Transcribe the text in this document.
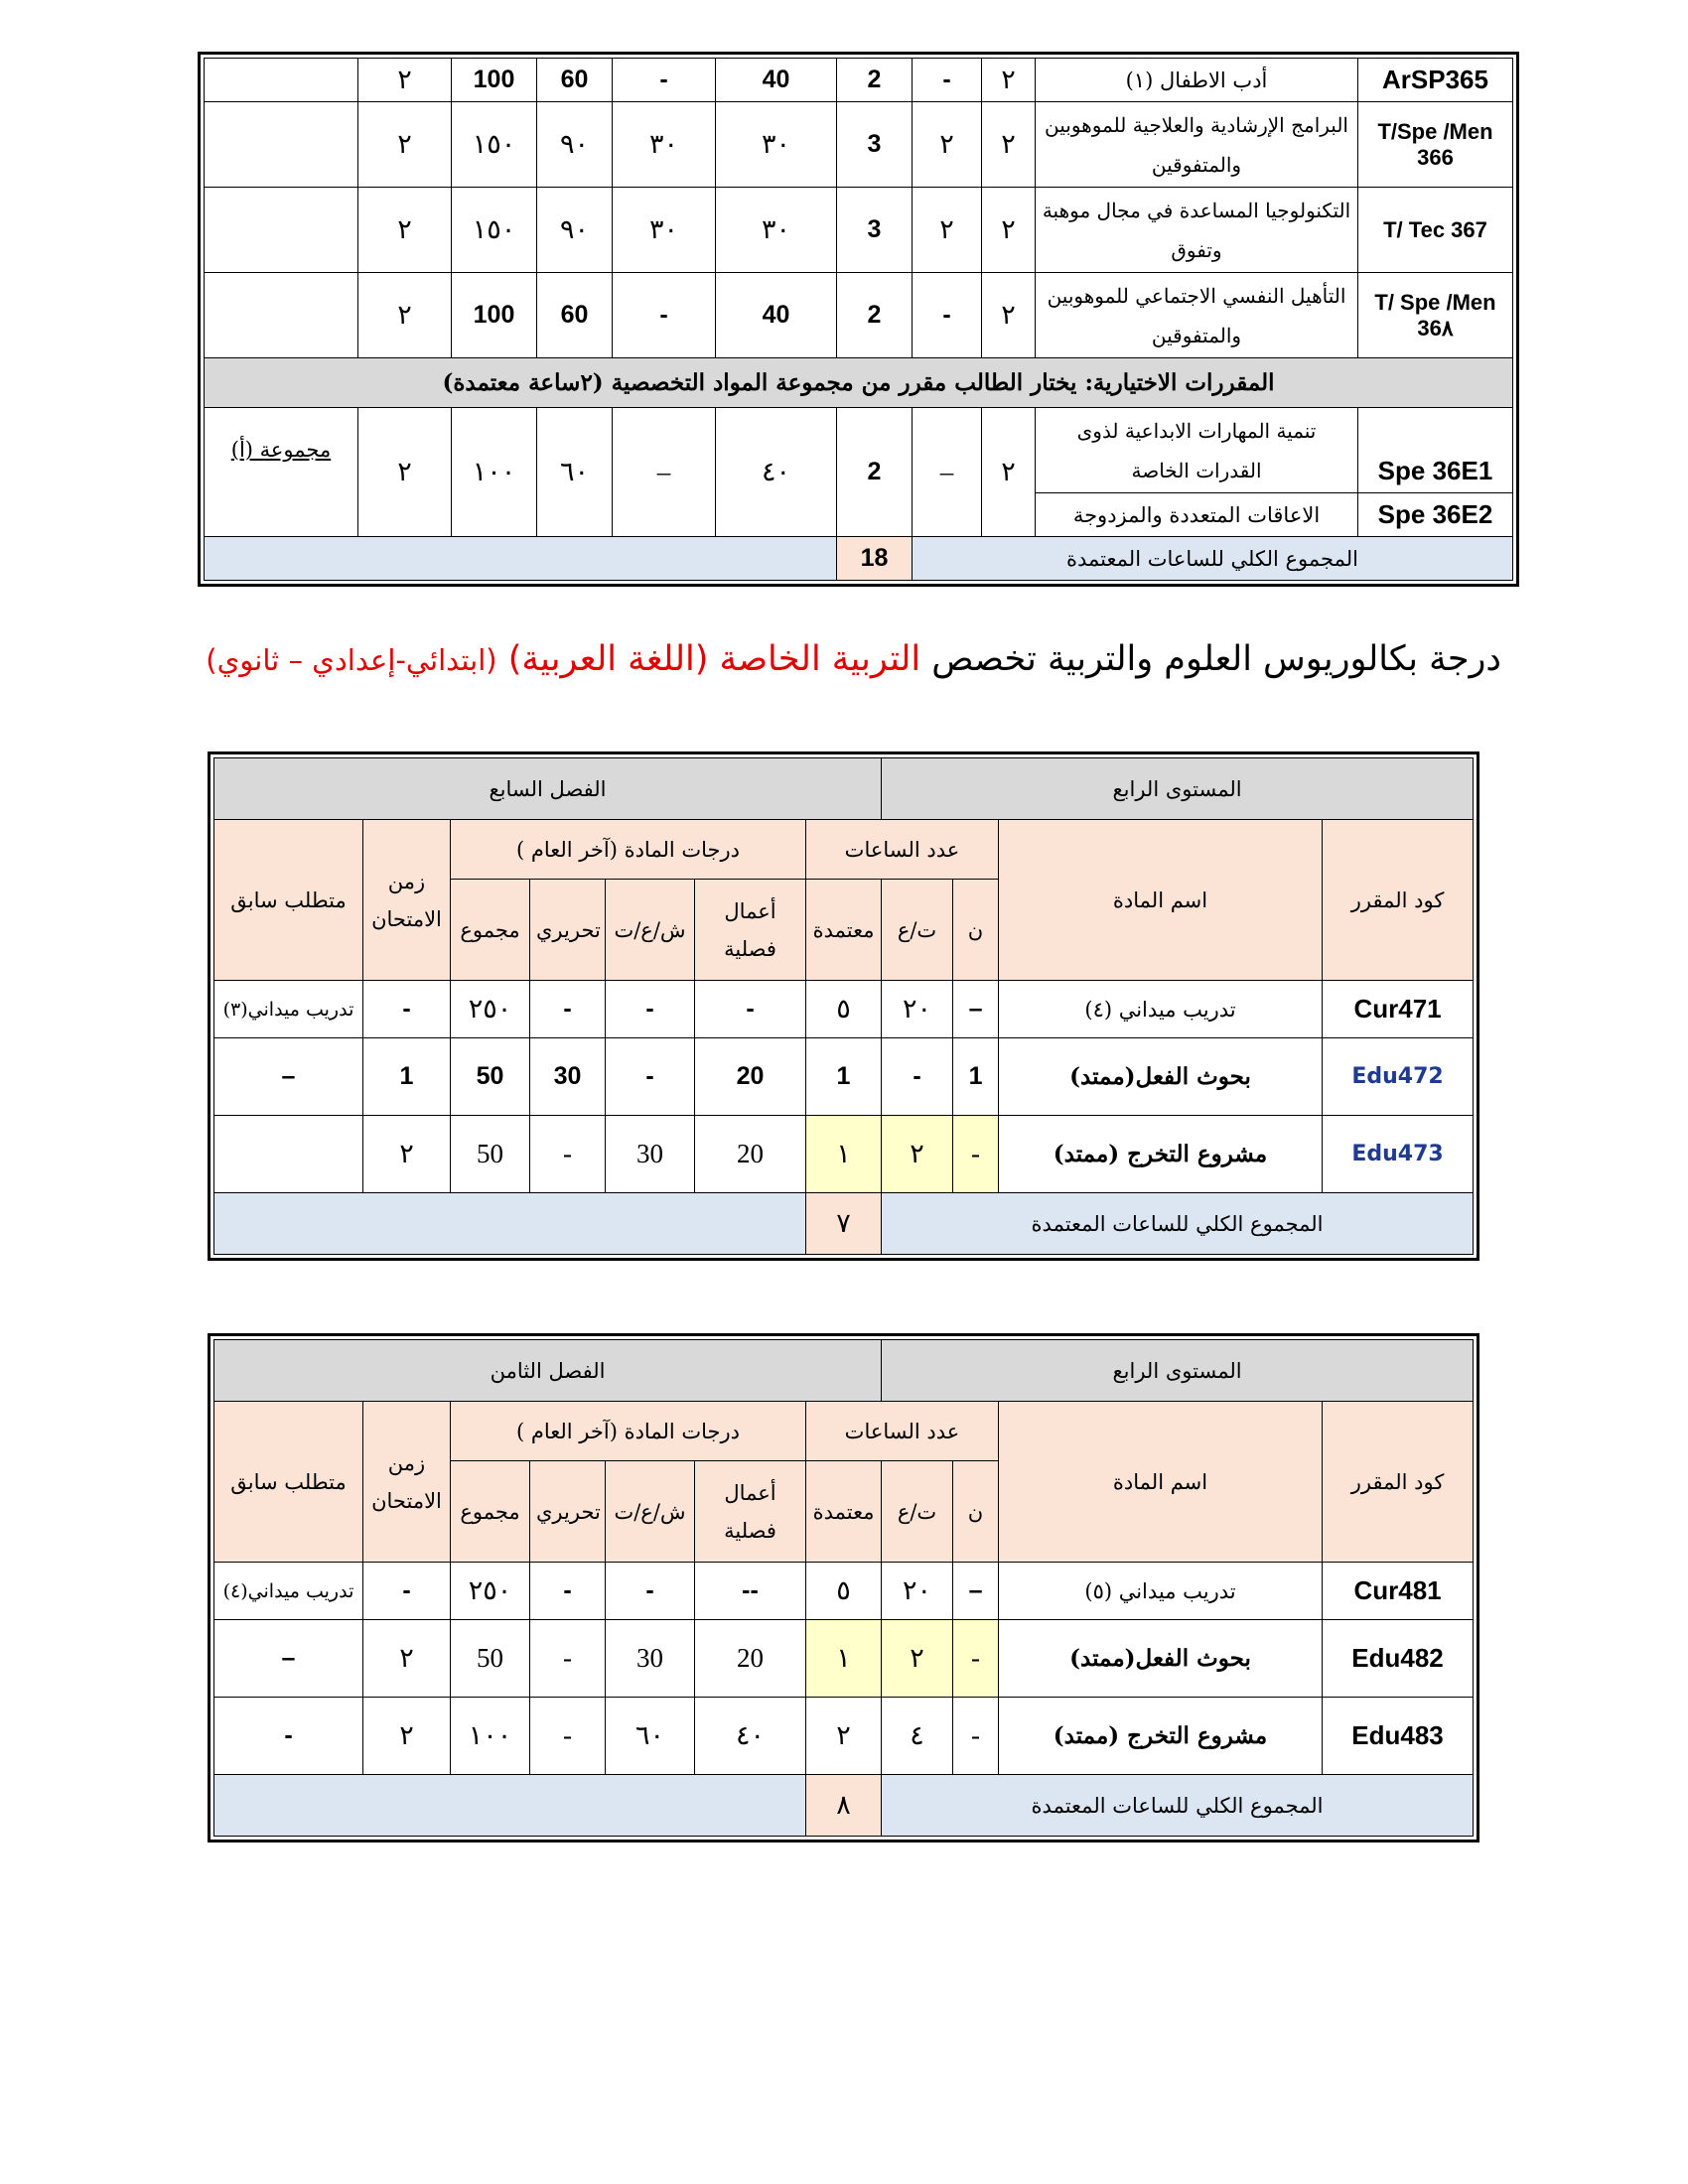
	٢	100	60	-	40	2	-	٢	أدب الاطفال (١)	ArSP365
	٢	١٥٠	٩٠	٣٠	٣٠	3	٢	٢	البرامج الإرشادية والعلاجية للموهوبين والمتفوقين	T/Spe /Men 366
	٢	١٥٠	٩٠	٣٠	٣٠	3	٢	٢	التكنولوجيا المساعدة في مجال موهبة وتفوق	T/ Tec 367
	٢	100	60	-	40	2	-	٢	التأهيل النفسي الاجتماعي للموهوبين والمتفوقين	T/ Spe /Men 36٨
المقررات الاختيارية: يختار الطالب مقرر من مجموعة المواد التخصصية (٢ساعة معتمدة)										
مجموعة (أ)	٢	١٠٠	٦٠	–	٤٠	2	–	٢	تنمية المهارات الابداعية لذوى القدرات الخاصة	Spe 36E1
									الاعاقات المتعددة والمزدوجة	Spe 36E2
						18	المجموع الكلي للساعات المعتمدة			
درجة بكالوريوس العلوم والتربية تخصص التربية الخاصة (اللغة العربية) (ابتدائي-إعدادي – ثانوي)
الفصل السابع							المستوى الرابع			
متطلب سابق	زمن الامتحان	درجات المادة (آخر العام )				عدد الساعات			اسم المادة	كود المقرر
		مجموع	تحريري	ش/ع/ت	أعمال فصلية	معتمدة	ت/ع	ن		
تدريب ميداني(٣)	-	٢٥٠	-	-	-	٥	٢٠	–	تدريب ميداني (٤)	Cur471
–	1	50	30	-	20	1	-	1	بحوث الفعل(ممتد)	Edu472
	٢	50	-	30	20	١	٢	-	مشروع التخرج (ممتد)	Edu473
						٧	المجموع الكلي للساعات المعتمدة			
الفصل الثامن							المستوى الرابع			
متطلب سابق	زمن الامتحان	درجات المادة (آخر العام )				عدد الساعات			اسم المادة	كود المقرر
		مجموع	تحريري	ش/ع/ت	أعمال فصلية	معتمدة	ت/ع	ن		
تدريب ميداني(٤)	-	٢٥٠	-	-	--	٥	٢٠	–	تدريب ميداني (٥)	Cur481
–	٢	50	-	30	20	١	٢	-	بحوث الفعل(ممتد)	Edu482
-	٢	١٠٠	-	٦٠	٤٠	٢	٤	-	مشروع التخرج (ممتد)	Edu483
						٨	المجموع الكلي للساعات المعتمدة			
